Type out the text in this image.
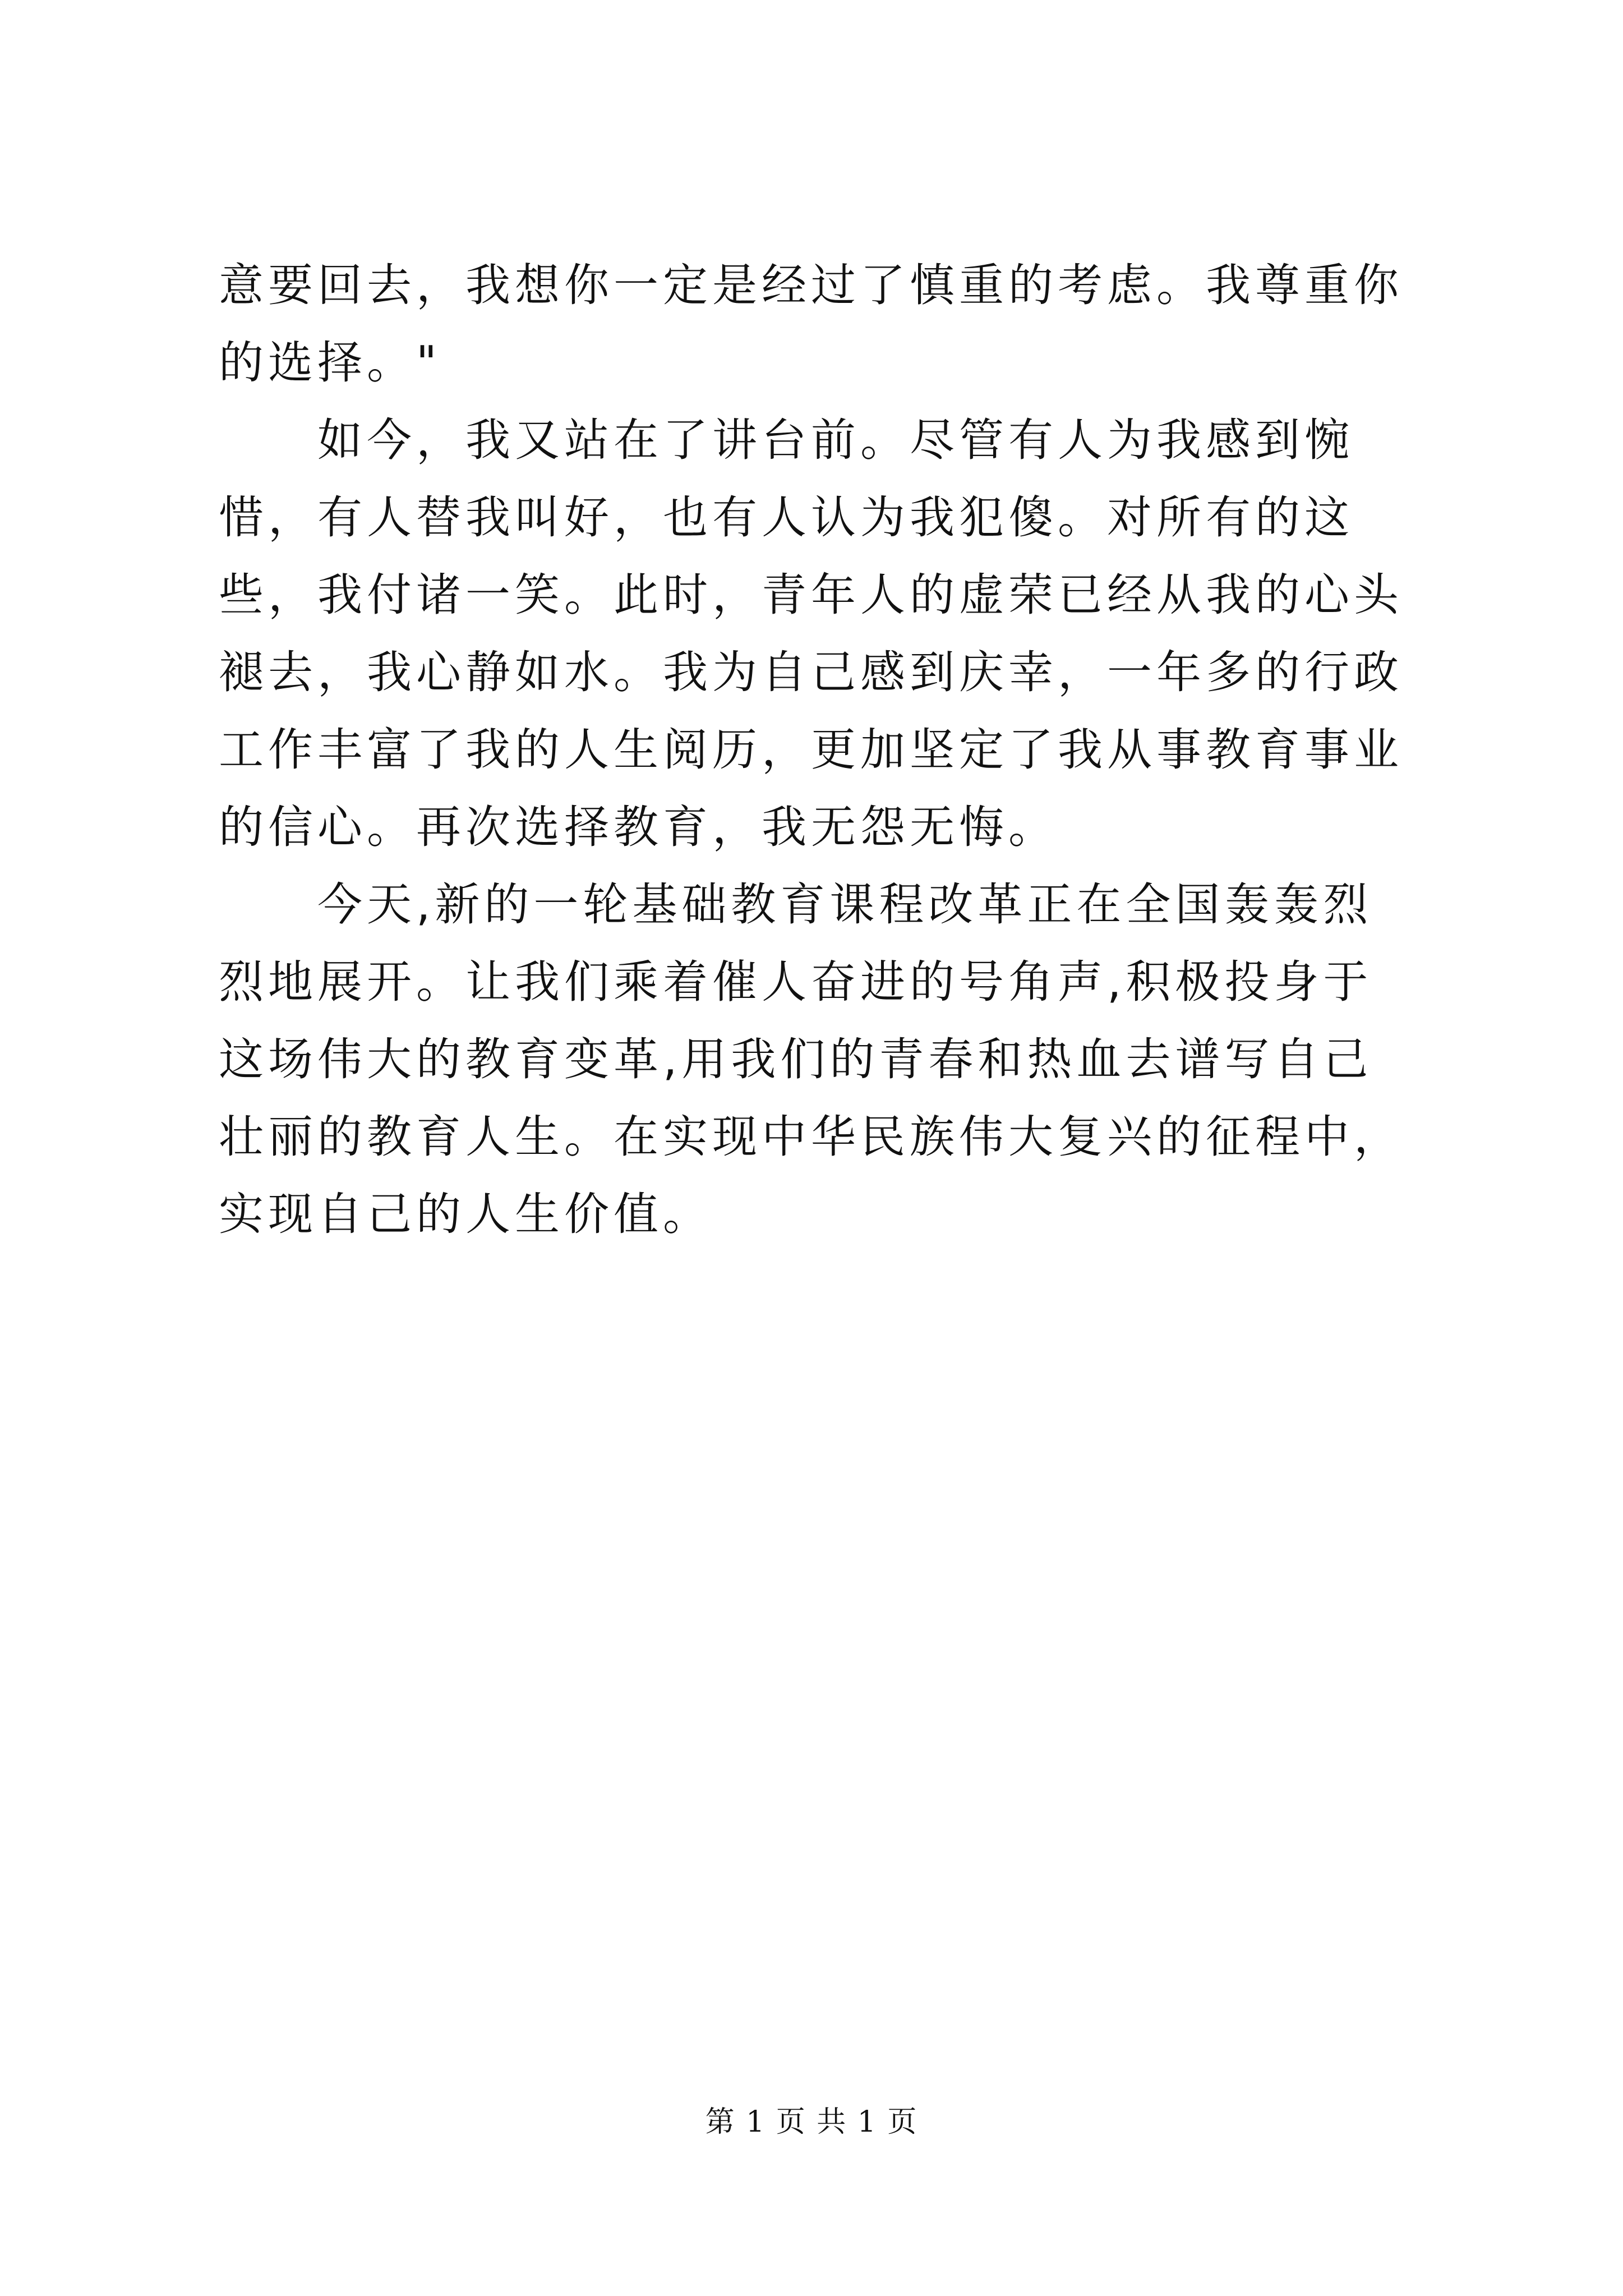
意要回去，我想你一定是经过了慎重的考虑。我尊重你的选择。"

如今，我又站在了讲台前。尽管有人为我感到惋惜，有人替我叫好，也有人认为我犯傻。对所有的这些，我付诸一笑。此时，青年人的虚荣已经从我的心头褪去，我心静如水。我为自己感到庆幸，一年多的行政工作丰富了我的人生阅历，更加坚定了我从事教育事业的信心。再次选择教育，我无怨无悔。

今天,新的一轮基础教育课程改革正在全国轰轰烈烈地展开。让我们乘着催人奋进的号角声,积极投身于这场伟大的教育变革,用我们的青春和热血去谱写自己壮丽的教育人生。在实现中华民族伟大复兴的征程中，实现自己的人生价值。

第 1 页 共 1 页
